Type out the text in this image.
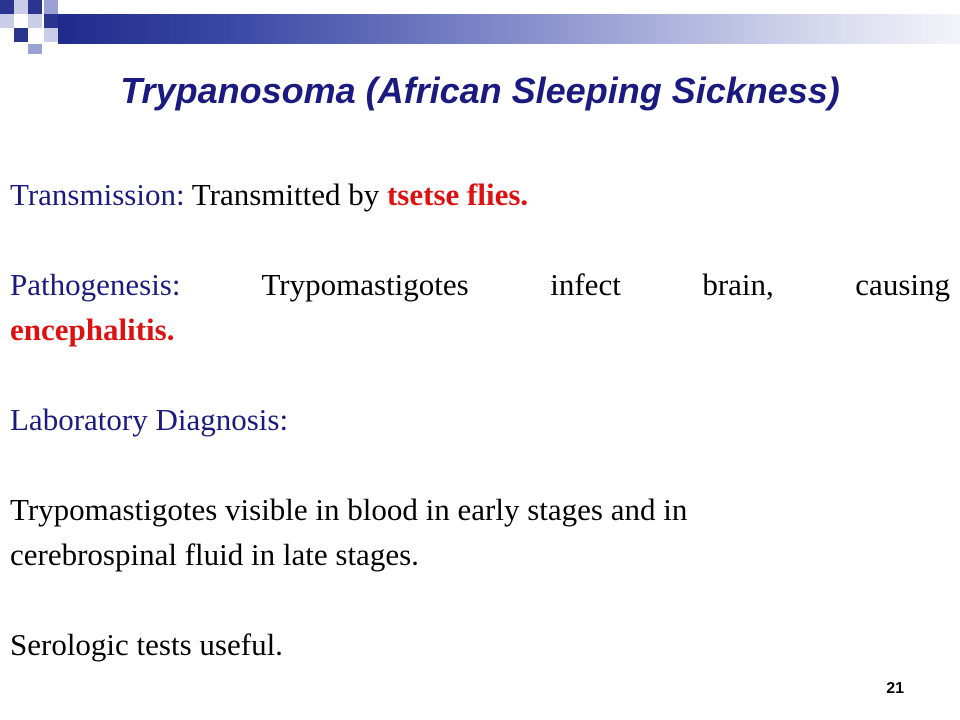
Trypanosoma (African Sleeping Sickness)

Transmission: Transmitted by tsetse flies.

Pathogenesis: Trypomastigotes infect brain, causing
encephalitis.

Laboratory Diagnosis:

Trypomastigotes visible in blood in early stages and in
cerebrospinal fluid in late stages.

Serologic tests useful.

21
